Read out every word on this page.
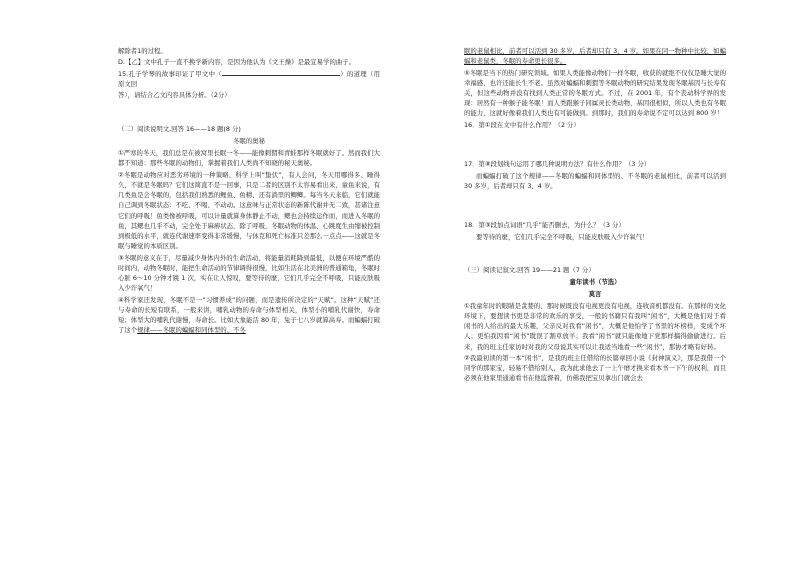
解除者1的过程。

D.【乙】文中孔子一直不换学新内容，是因为他认为《文王操》是最宜易学的曲子。

15.孔子学琴的故事印证了甲文中（	）的道理（用原文回

答），请结合乙文内容具体分析。（2分）

（二）阅读说明文,回答 16——18 题(8 分)

冬眠的奥秘

①严寒的冬天，我们总是在被窝里长眠一冬——能像刺猬和青蛙那样冬眠就好了。然而我们大都不知道：那些冬眠的动物们，掌握着我们人类尚不知晓的秘天奥秘。

②冬眠是动物应对恶劣环境的一种策略，科学上叫“蛰伏”，有人会问，冬天用哪得多、睡得久，不就是冬眠吗？它们这简直不是一回事，只是二者的区别不太容易看出来，童鱼来说，有几类鱼是会冬眠的，包括我们熟悉的鲤鱼、鱼精、还有淌里的鲫鲫。每当冬天来临，它们就能自己调到冬眠状态：不吃、不喝、不动动。这意味与正常状态的新陈代谢并无二致，甚诸注意它们的呼吸！鱼类像被呼吸，可以计量就算身体静止不动，鳃也会持续运作而，而进入冬眠的鱼，其鳃也几乎不动，完全处于麻痹状态，除了呼吸，冬眠动物的体温、心跳度生由缩被控制到极低的水平，就连代谢速率变得非常缓慢，与休克和死亡标准只差那么一点点——这就是冬眠与睡觉的本质区别。

③冬眠的意义在于，尽量减少身体内外的生命活动，将能量消耗降到最低，以便在环境严酷的时间内，动物冬眠时，能把生命活动的节律调得很慢，比如生活在北美洲的普通箱龟，冬眠时心脏 6～10 分钟才跳 1 次，实在让人惊叹，要等待的麼，它们几乎完全不呼吸，只能皮肤吸入少许氧气！

④科学家还发现，冬眠不是一“习惯养成”的问题，而是遗传所决定的“天赋”。这种“天赋”还与寿命的长短有联系，一般来讲，哺乳动物的寿命与体型相关，体型小的哺乳代谢快，寿命短；体型大的哺乳代谢慢，寿命长。比如大象能活 80 年，兔子七八岁就算高寿。而蝙蝠打破了这个规律——冬眠的蝙蝠和同体型的、不冬

眠的老鼠相比，前者可以活到 30 多岁，后者却只有 3、4 岁。如果在同一物种中比较，如蝙蝠和老鼠类，冬眠的寿命更长很多。

⑤冬眠是当下的热门研究领域。如果人类能像动物们一样冬眠，收获的就绝不仅仅是睡大觉的幸福感，也许还能长生不老。虽然对蝙蝠和刺猬等冬眠动物的研究结果发现冬眠基因与长寿有关，但这些动物并没有找到人类正常的冬眠方式。不过，在 2001 年，有个丧动科学界的发现：居然有一种猴子能冬眠！而人类跟猴子同属灵长类动物，基因很相似，所以人类也有冬眠的能力，这就好像着我们人类也有可能做到。到那时，我们的寿命说不定可以达到 800 岁！

16．第①段在文中有什么作用？（2 分）

17．第⑧段划线句运用了哪几种说明方法？有什么作用？（3 分）

而蝙蝠打破了这个规律——冬眠的蝙蝠和同体型的、不冬眠的老鼠相比，前者可以活到 30 多岁，后者却只有 3、4 岁。

18．第③段加点词语“几乎”能否删去，为什么？（3 分）

要等待的麼，它们几乎完全不呼吸，只能皮肤吸入少许氧气！

（三）阅读记叙文,回答 19——21 题（7 分）

童年读书（节选）

莫言

①我童年时的眼睛是贪婪的，那时候既没有电视更没有电视，连收音机都没有。在那样的文化环境下，要想读书更是非常的欢乐的享受，一般的书籍只有我叫“闲书”，大概是他们对于看闲书的人给出的最大乐趣，父亲反对我看“闲书”，大概是他怕学了书里的坏榜样，变成个坏人；更怕我因看“闲书”耽误了割草放羊；我看“闲书”就只能像地下党那样搞得偷偷进行。后来，我的班主任家访时对我的父母说其实可以让我适当地看一些“闲书”，那协才略有好转。

②我最初读的第一本“闲书”，是我的班主任借给的长篇章回小说《封神演义》，那是我借一个同学的那家宝，轻易不借给别人，我为此求他去了一上午磨才换来看本书一下午的权利，而且必须在他家里通通看书在他监督着，仿佛我把宝贝拿出门就会去
